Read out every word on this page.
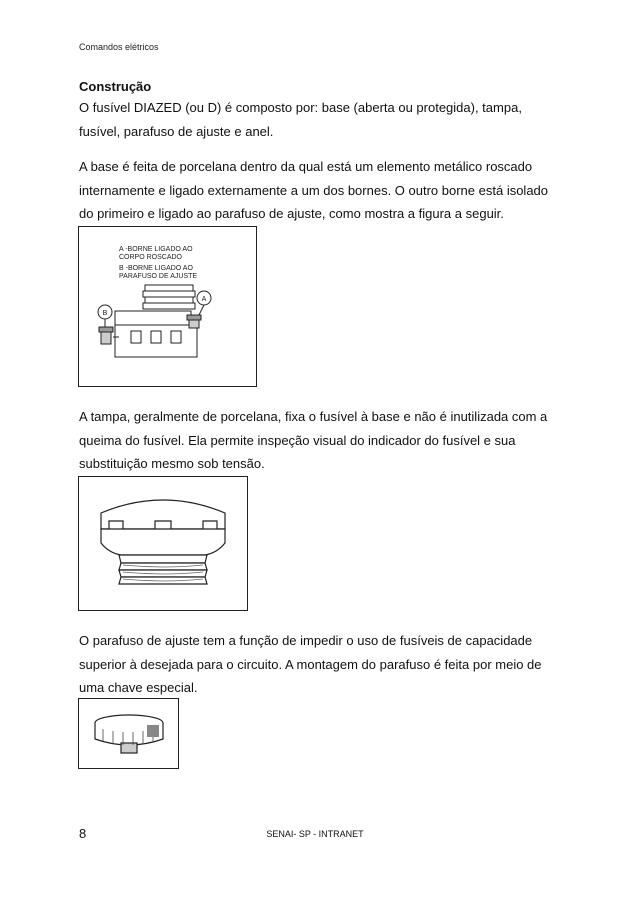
Comandos elétricos
Construção
O fusível DIAZED (ou D) é composto por: base (aberta ou protegida), tampa, fusível, parafuso de ajuste e anel.
A base é feita de porcelana dentro da qual está um elemento metálico roscado internamente e ligado externamente a um dos bornes. O outro borne está isolado do primeiro e ligado ao parafuso de ajuste, como mostra a figura a seguir.
A -BORNE LIGADO AO
CORPO ROSCADO
B -BORNE LIGADO AO
PARAFUSO DE AJUSTE
B
A
A tampa, geralmente de porcelana, fixa o fusível à base e não é inutilizada com a queima do fusível. Ela permite inspeção visual do indicador do fusível e sua substituição mesmo sob tensão.
O parafuso de ajuste tem a função de impedir o uso de fusíveis de capacidade superior à desejada para o circuito. A montagem do parafuso é feita por meio de uma chave especial.
8	SENAI- SP - INTRANET
